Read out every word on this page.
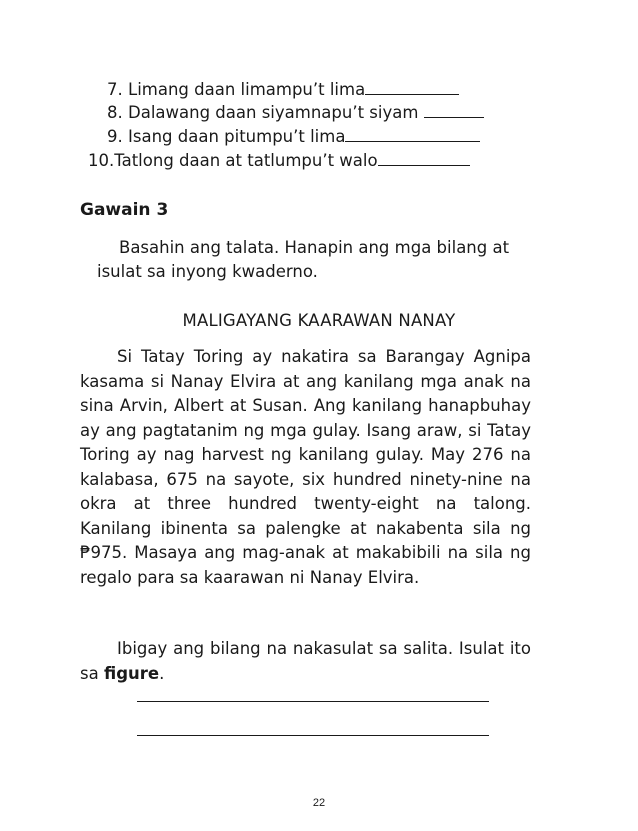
7. Limang daan limampu’t lima
8. Dalawang daan siyamnapu’t siyam
9. Isang daan pitumpu’t lima
10.Tatlong daan at tatlumpu’t walo
Gawain 3
Basahin ang talata. Hanapin ang mga bilang at
isulat sa inyong kwaderno.
MALIGAYANG KAARAWAN NANAY
Si Tatay Toring ay nakatira sa Barangay Agnipa kasama si Nanay Elvira at ang kanilang mga anak na sina Arvin, Albert at Susan. Ang kanilang hanapbuhay ay ang pagtatanim ng mga gulay. Isang araw, si Tatay Toring ay nag harvest ng kanilang gulay. May 276 na kalabasa, 675 na sayote, six hundred ninety-nine na okra at three hundred twenty-eight na talong. Kanilang ibinenta sa palengke at nakabenta sila ng ₱975. Masaya ang mag-anak at makabibili na sila ng regalo para sa kaarawan ni Nanay Elvira.
Ibigay ang bilang na nakasulat sa salita. Isulat ito sa figure.
22
